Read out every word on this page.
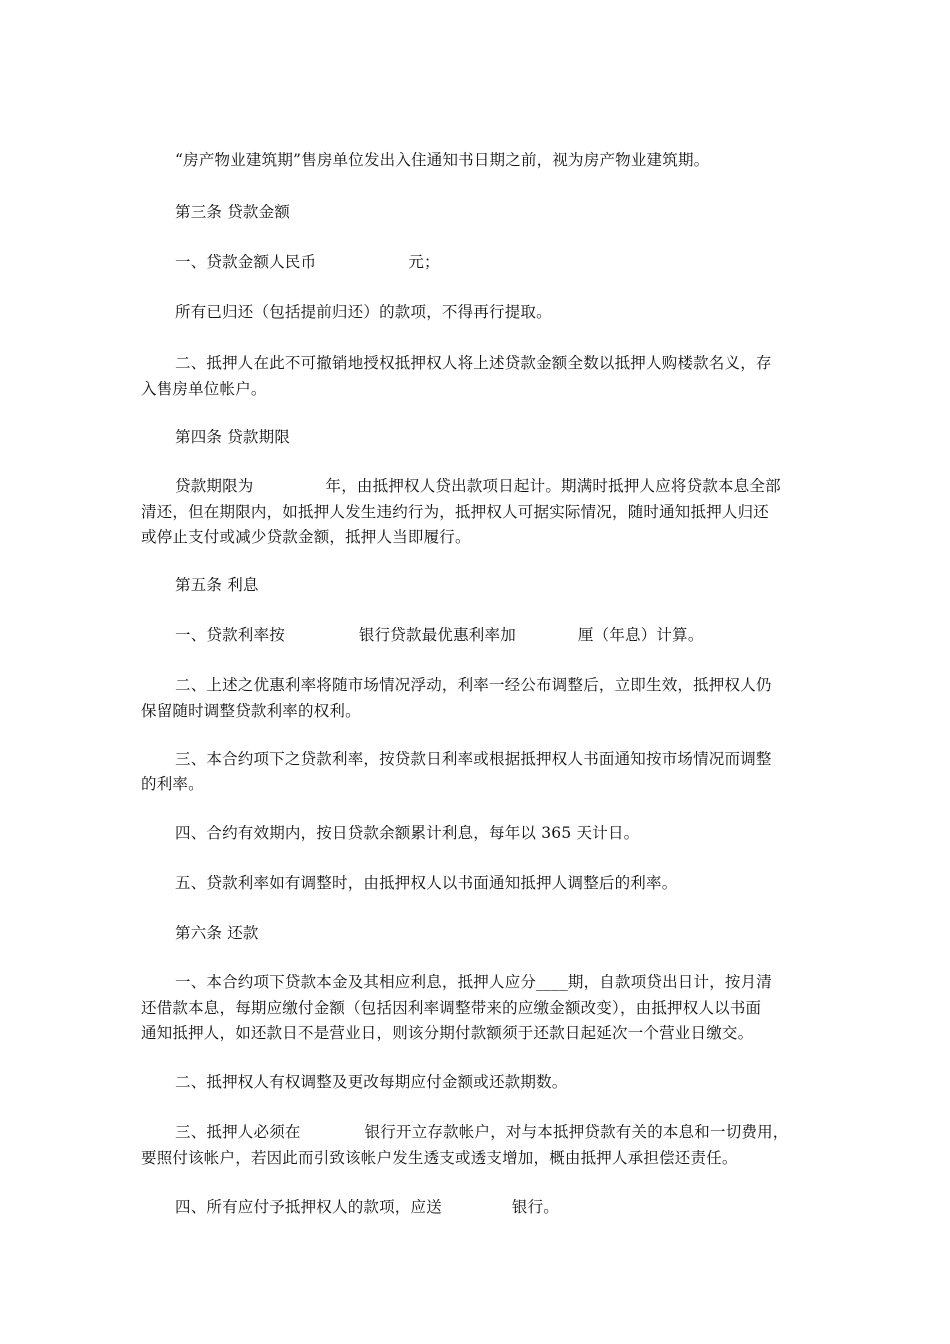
“房产物业建筑期”售房单位发出入住通知书日期之前，视为房产物业建筑期。
第三条 贷款金额
一、贷款金额人民币	元；
所有已归还（包括提前归还）的款项，不得再行提取。
二、抵押人在此不可撤销地授权抵押权人将上述贷款金额全数以抵押人购楼款名义，存
入售房单位帐户。
第四条 贷款期限
贷款期限为	年，由抵押权人贷出款项日起计。期满时抵押人应将贷款本息全部
清还，但在期限内，如抵押人发生违约行为，抵押权人可据实际情况，随时通知抵押人归还
或停止支付或减少贷款金额，抵押人当即履行。
第五条 利息
一、贷款利率按	银行贷款最优惠利率加	厘（年息）计算。
二、上述之优惠利率将随市场情况浮动，利率一经公布调整后，立即生效，抵押权人仍
保留随时调整贷款利率的权利。
三、本合约项下之贷款利率，按贷款日利率或根据抵押权人书面通知按市场情况而调整
的利率。
四、合约有效期内，按日贷款余额累计利息，每年以 365 天计日。
五、贷款利率如有调整时，由抵押权人以书面通知抵押人调整后的利率。
第六条 还款
一、本合约项下贷款本金及其相应利息，抵押人应分____期，自款项贷出日计，按月清
还借款本息，每期应缴付金额（包括因利率调整带来的应缴金额改变），由抵押权人以书面
通知抵押人，如还款日不是营业日，则该分期付款额须于还款日起延次一个营业日缴交。
二、抵押权人有权调整及更改每期应付金额或还款期数。
三、抵押人必须在	银行开立存款帐户，对与本抵押贷款有关的本息和一切费用，
要照付该帐户，若因此而引致该帐户发生透支或透支增加，概由抵押人承担偿还责任。
四、所有应付予抵押权人的款项，应送	银行。
